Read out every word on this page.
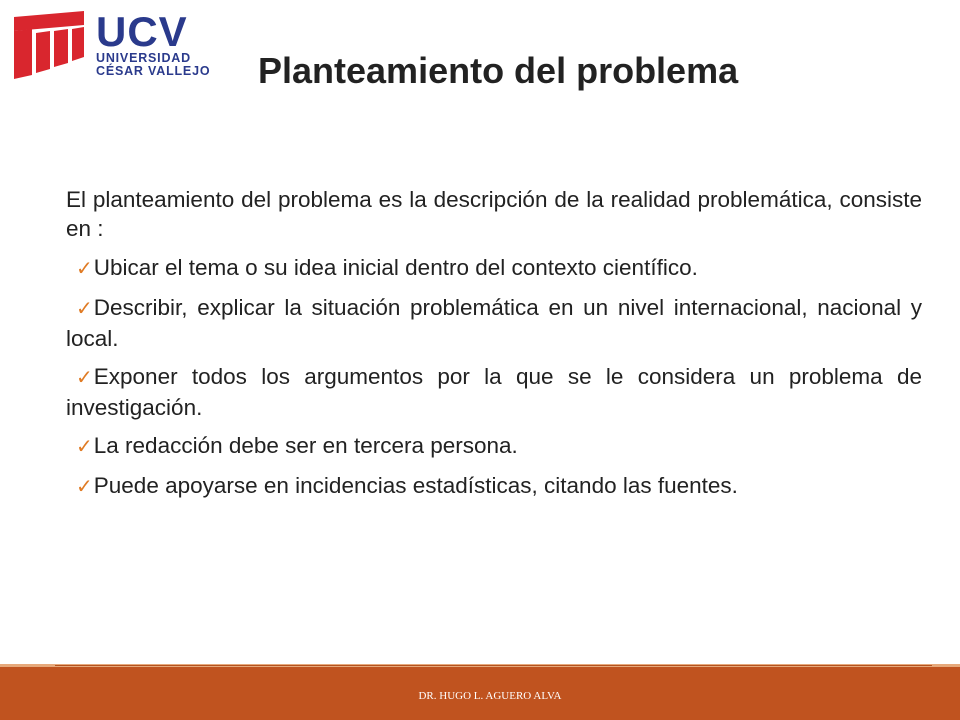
UCV
UNIVERSIDAD
CÉSAR VALLEJO Planteamiento del problema

El planteamiento del problema es la descripción de la realidad problemática, consiste en :

✓Ubicar el tema o su idea inicial dentro del contexto científico.
✓Describir, explicar la situación problemática en un nivel internacional, nacional y local.
✓Exponer todos los argumentos por la que se le considera un problema de investigación.
✓La redacción debe ser en tercera persona.
✓Puede apoyarse en incidencias estadísticas, citando las fuentes.
DR. HUGO L. AGUERO ALVA
